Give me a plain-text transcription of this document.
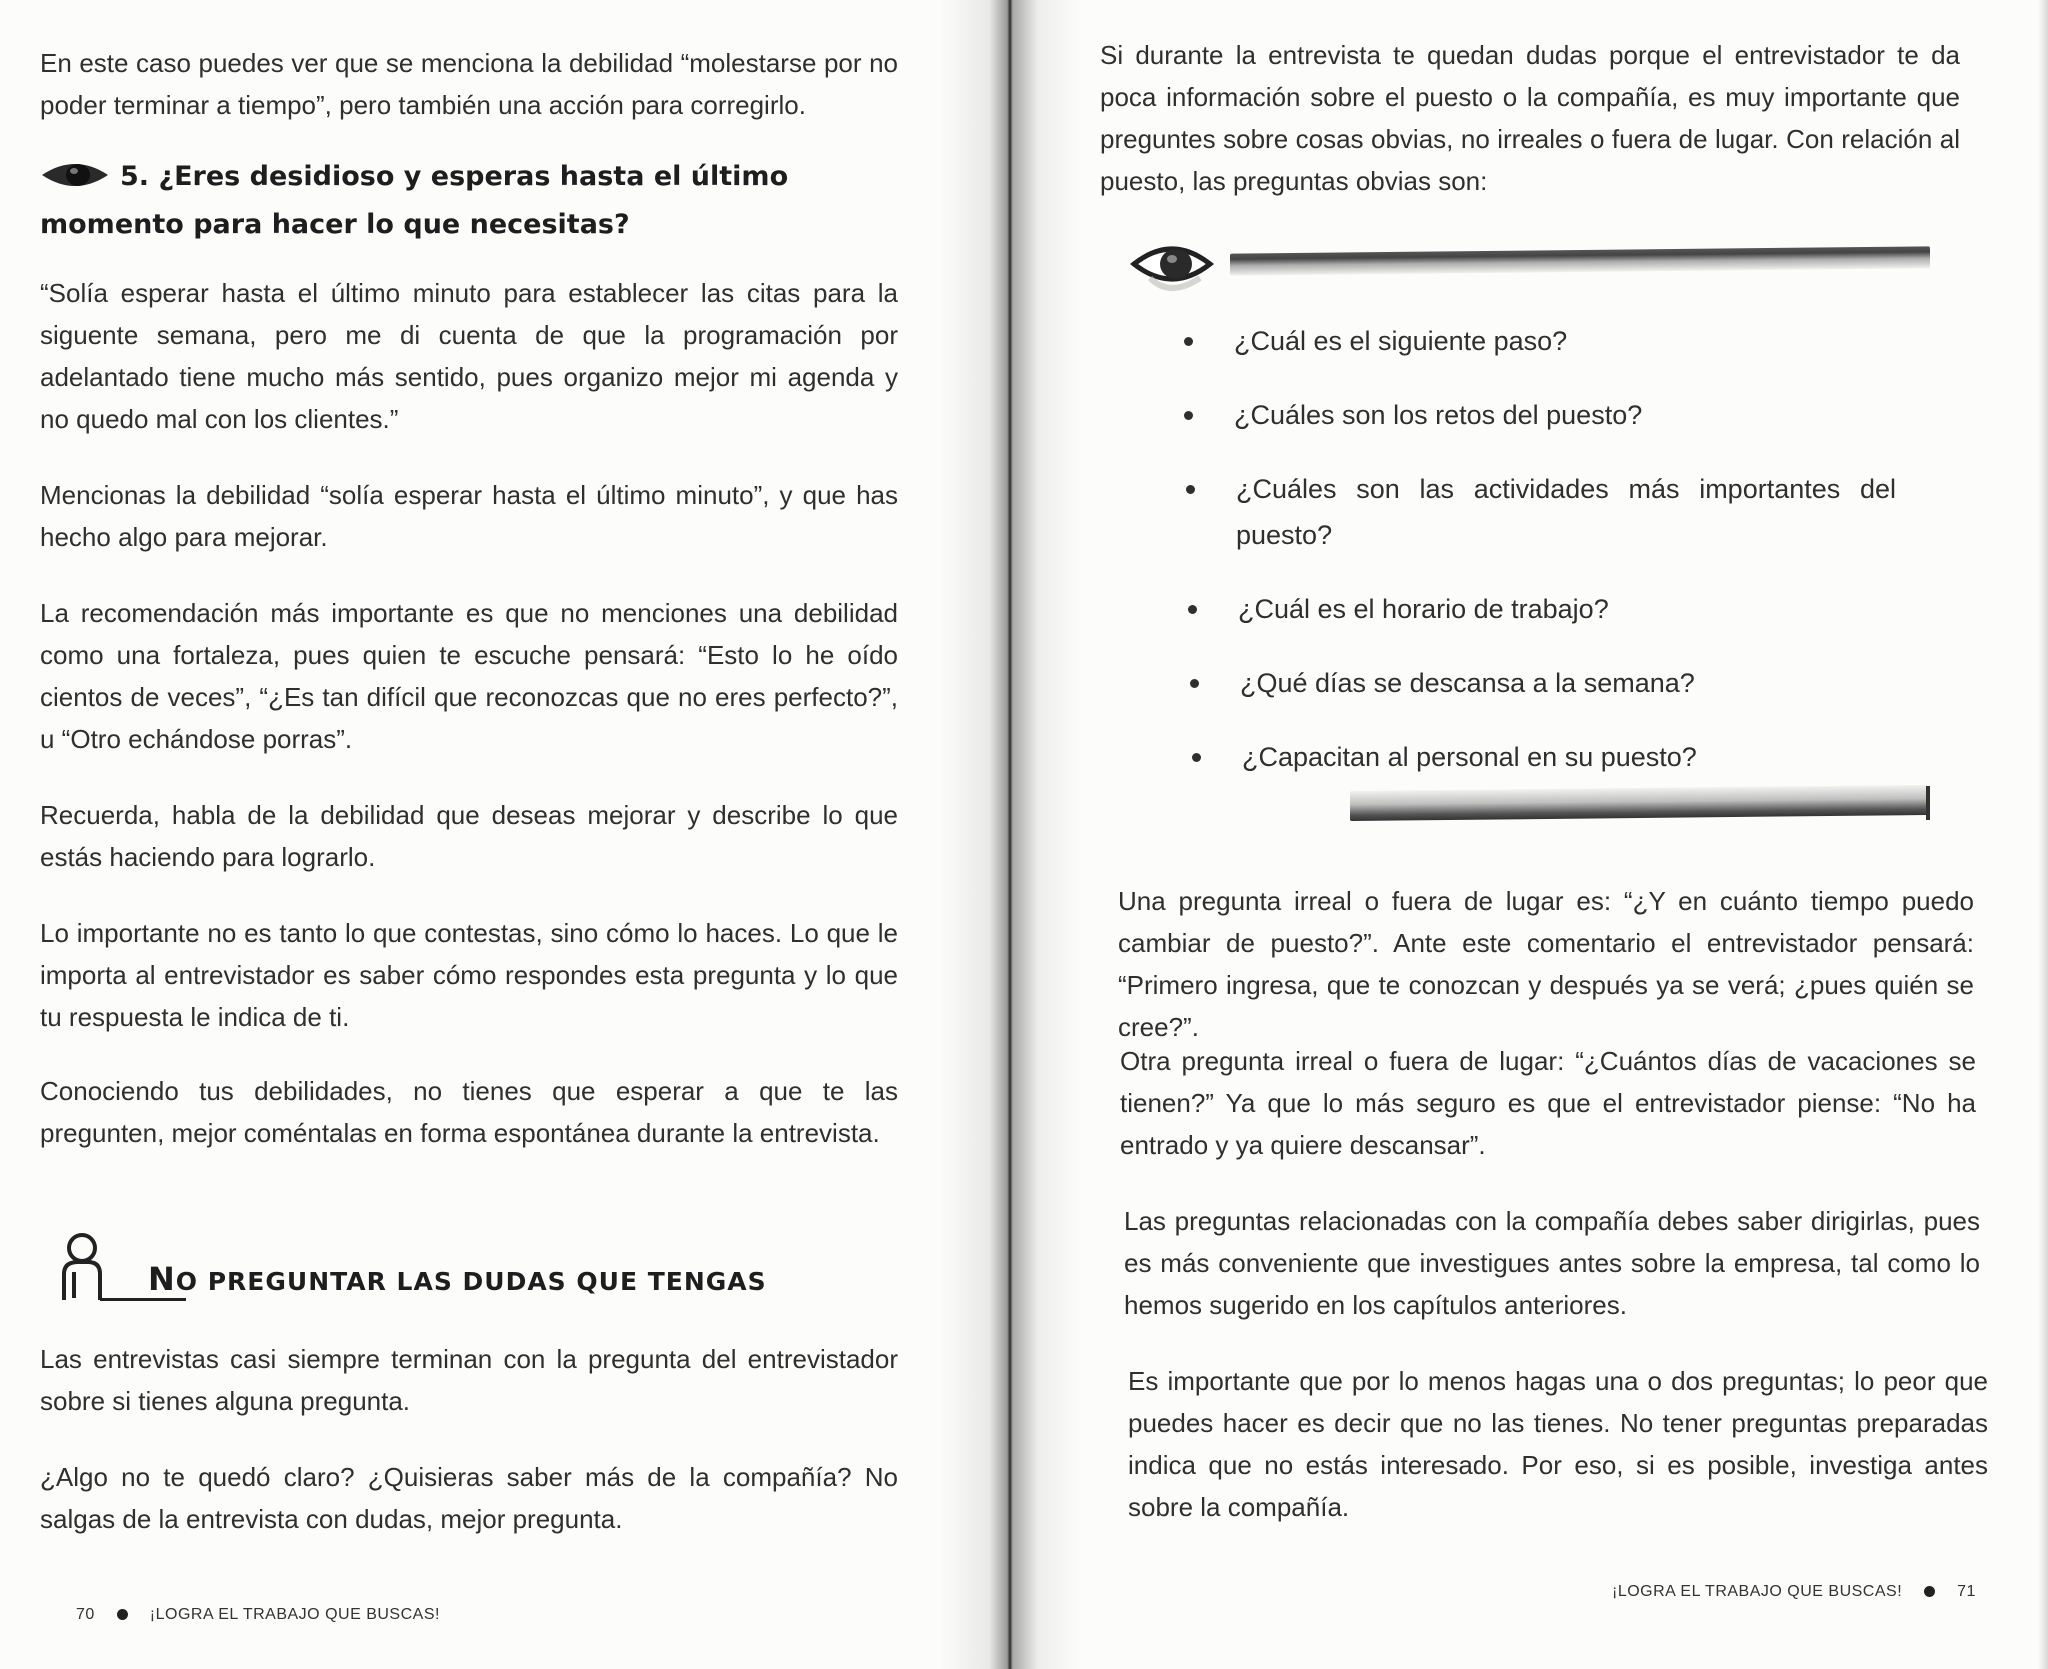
En este caso puedes ver que se menciona la debilidad “molestarse por no poder terminar a tiempo”, pero también una acción para corregirlo.

5. ¿Eres desidioso y esperas hasta el último momento para hacer lo que necesitas?

“Solía esperar hasta el último minuto para establecer las citas para la siguente semana, pero me di cuenta de que la programación por adelantado tiene mucho más sentido, pues organizo mejor mi agenda y no quedo mal con los clientes.”

Mencionas la debilidad “solía esperar hasta el último minuto”, y que has hecho algo para mejorar.

La recomendación más importante es que no menciones una debilidad como una fortaleza, pues quien te escuche pensará: “Esto lo he oído cientos de veces”, “¿Es tan difícil que reconozcas que no eres perfecto?”, u “Otro echándose porras”.

Recuerda, habla de la debilidad que deseas mejorar y describe lo que estás haciendo para lograrlo.

Lo importante no es tanto lo que contestas, sino cómo lo haces. Lo que le importa al entrevistador es saber cómo respondes esta pregunta y lo que tu respuesta le indica de ti.

Conociendo tus debilidades, no tienes que esperar a que te las pregunten, mejor coméntalas en forma espontánea durante la entrevista.

NO PREGUNTAR LAS DUDAS QUE TENGAS

Las entrevistas casi siempre terminan con la pregunta del entrevistador sobre si tienes alguna pregunta.

¿Algo no te quedó claro? ¿Quisieras saber más de la compañía? No salgas de la entrevista con dudas, mejor pregunta.

70	¡LOGRA EL TRABAJO QUE BUSCAS!

Si durante la entrevista te quedan dudas porque el entrevistador te da poca información sobre el puesto o la compañía, es muy importante que preguntes sobre cosas obvias, no irreales o fuera de lugar. Con relación al puesto, las preguntas obvias son:

¿Cuál es el siguiente paso?
¿Cuáles son los retos del puesto?
¿Cuáles son las actividades más importantes del puesto?
¿Cuál es el horario de trabajo?
¿Qué días se descansa a la semana?
¿Capacitan al personal en su puesto?

Una pregunta irreal o fuera de lugar es: “¿Y en cuánto tiempo puedo cambiar de puesto?”. Ante este comentario el entrevistador pensará: “Primero ingresa, que te conozcan y después ya se verá; ¿pues quién se cree?”.

Otra pregunta irreal o fuera de lugar: “¿Cuántos días de vacaciones se tienen?” Ya que lo más seguro es que el entrevistador piense: “No ha entrado y ya quiere descansar”.

Las preguntas relacionadas con la compañía debes saber dirigirlas, pues es más conveniente que investigues antes sobre la empresa, tal como lo hemos sugerido en los capítulos anteriores.

Es importante que por lo menos hagas una o dos preguntas; lo peor que puedes hacer es decir que no las tienes. No tener preguntas preparadas indica que no estás interesado. Por eso, si es posible, investiga antes sobre la compañía.

¡LOGRA EL TRABAJO QUE BUSCAS!	71
